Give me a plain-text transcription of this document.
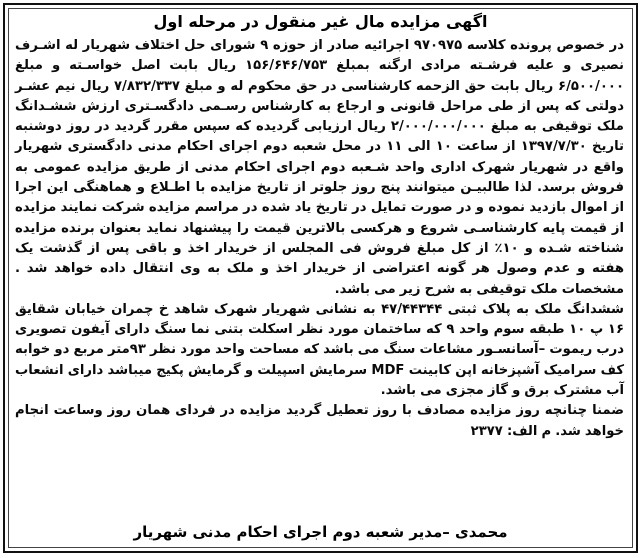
اگهی مزایده مال غیر منقول در مرحله اول

در خصوص پرونده کلاسه ۹۷۰۹۷۵ اجرائیه صادر از حوزه ۹ شورای حل اختلاف شهریار له اشـرف نصیری و علیه فرشـته مرادی ارگنه بمبلغ ۱۵۶/۶۴۶/۷۵۳ ریال بابت اصل خواسـته و مبلغ ۶/۵۰۰/۰۰۰ ریال بابت حق الزحمه کارشناسی در حق محکوم له و مبلغ ۷/۸۳۲/۳۳۷ ریال نیم عشـر دولتی که پس از طی مراحل قانونی و ارجاع به کارشناس رسـمی دادگسـتری ارزش ششـدانگ ملک توقیفی به مبلغ ۲/۰۰۰/۰۰۰/۰۰۰ ریال ارزیابی گردیده که سپس مقرر گردید در روز دوشنبه تاریخ ۱۳۹۷/۷/۳۰ از ساعت ۱۰ الی ۱۱ در محل شعبه دوم اجرای احکام مدنی دادگستری شهریار واقع در شهریار شهرک اداری واحد شـعبه دوم اجرای احکام مدنی از طریق مزایده عمومی به فروش برسد. لذا طالبیـن میتوانند پنج روز جلوتر از تاریخ مزایده با اطـلاع و هماهنگی این اجرا از اموال بازدید نموده و در صورت تمایل در تاریخ یاد شده در مراسم مزایده شرکت نمایند مزایده از قیمت پایه کارشناسـی شروع و هرکسی بالاترین قیمت را پیشنهاد نماید بعنوان برنده مزایده شناخته شـده و ۱۰٪ از کل مبلغ فروش فی المجلس از خریدار اخذ و باقی پس از گذشت یک هفته و عدم وصول هر گونه اعتراضی از خریدار اخذ و ملک به وی انتقال داده خواهد شد . مشخصات ملک توقیفی به شرح زیر می باشد.

ششدانگ ملک به پلاک ثبتی ۴۷/۴۴۳۴۴ به نشانی شهریار شهرک شاهد خ چمران خیابان شقایق ۱۶ پ ۱۰ طبقه سوم واحد ۹ که ساختمان مورد نظر اسکلت بتنی نما سنگ دارای آیفون تصویری درب ریموت –آسانسـور مشاعات سنگ می باشد که مساحت واحد مورد نظر ۹۳متر مربع دو خوابه کف سرامیک آشپزخانه اپن کابینت MDF سرمایش اسپیلت و گرمایش پکیج میباشد دارای انشعاب آب مشترک برق و گاز مجزی می باشد.

ضمنا چنانچه روز مزایده مصادف با روز تعطیل گردید مزایده در فردای همان روز وساعت انجام خواهد شد. م الف: ۲۳۷۷

محمدی –مدیر شعبه دوم اجرای احکام مدنی شهریار
